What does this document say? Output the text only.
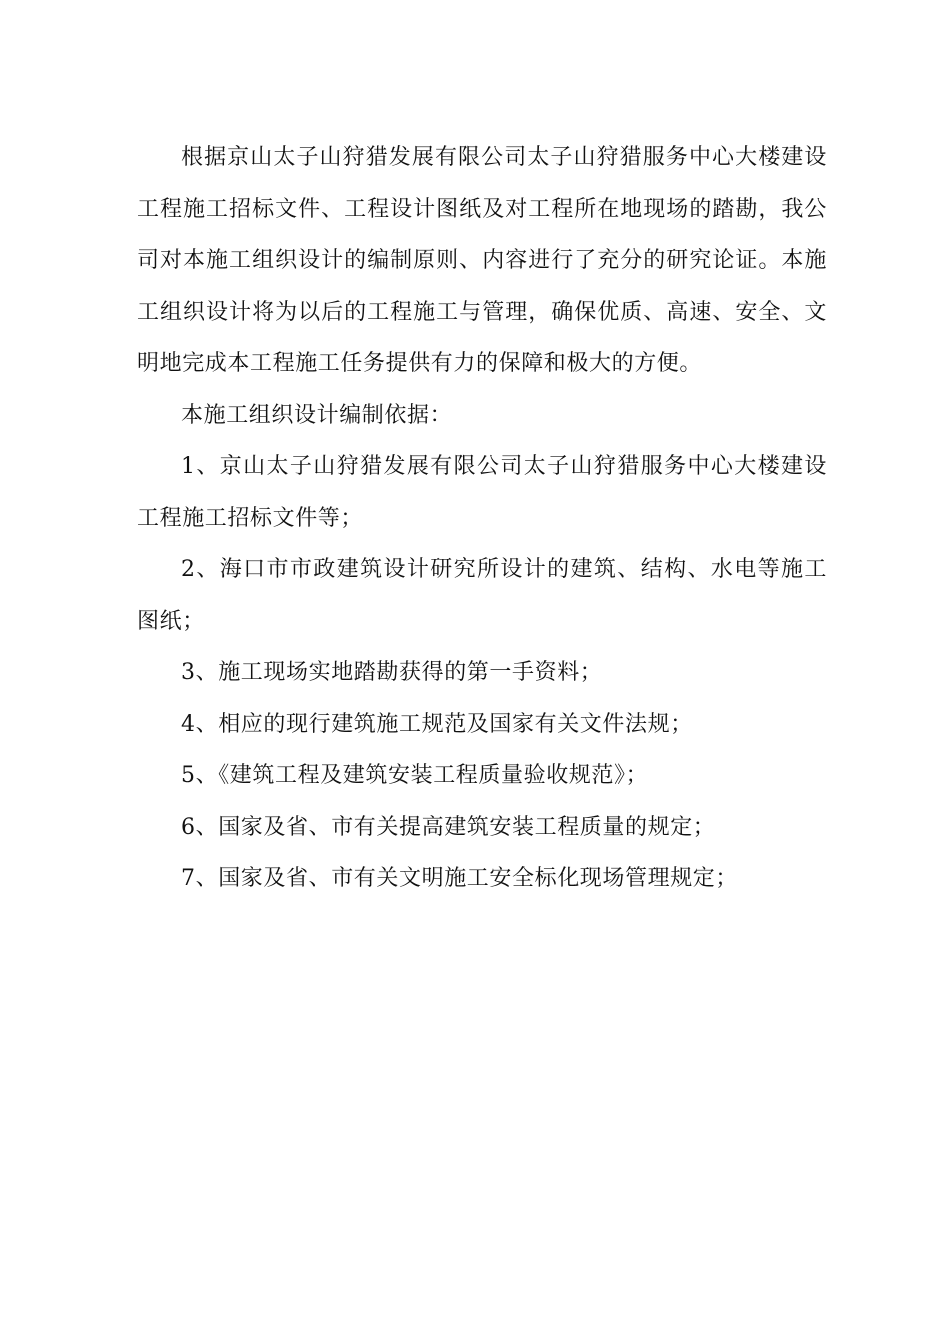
根据京山太子山狩猎发展有限公司太子山狩猎服务中心大楼建设工程施工招标文件、工程设计图纸及对工程所在地现场的踏勘，我公司对本施工组织设计的编制原则、内容进行了充分的研究论证。本施工组织设计将为以后的工程施工与管理，确保优质、高速、安全、文明地完成本工程施工任务提供有力的保障和极大的方便。

本施工组织设计编制依据：

1、京山太子山狩猎发展有限公司太子山狩猎服务中心大楼建设工程施工招标文件等；

2、海口市市政建筑设计研究所设计的建筑、结构、水电等施工图纸；

3、施工现场实地踏勘获得的第一手资料；

4、相应的现行建筑施工规范及国家有关文件法规；

5、《建筑工程及建筑安装工程质量验收规范》；

6、国家及省、市有关提高建筑安装工程质量的规定；

7、国家及省、市有关文明施工安全标化现场管理规定；
